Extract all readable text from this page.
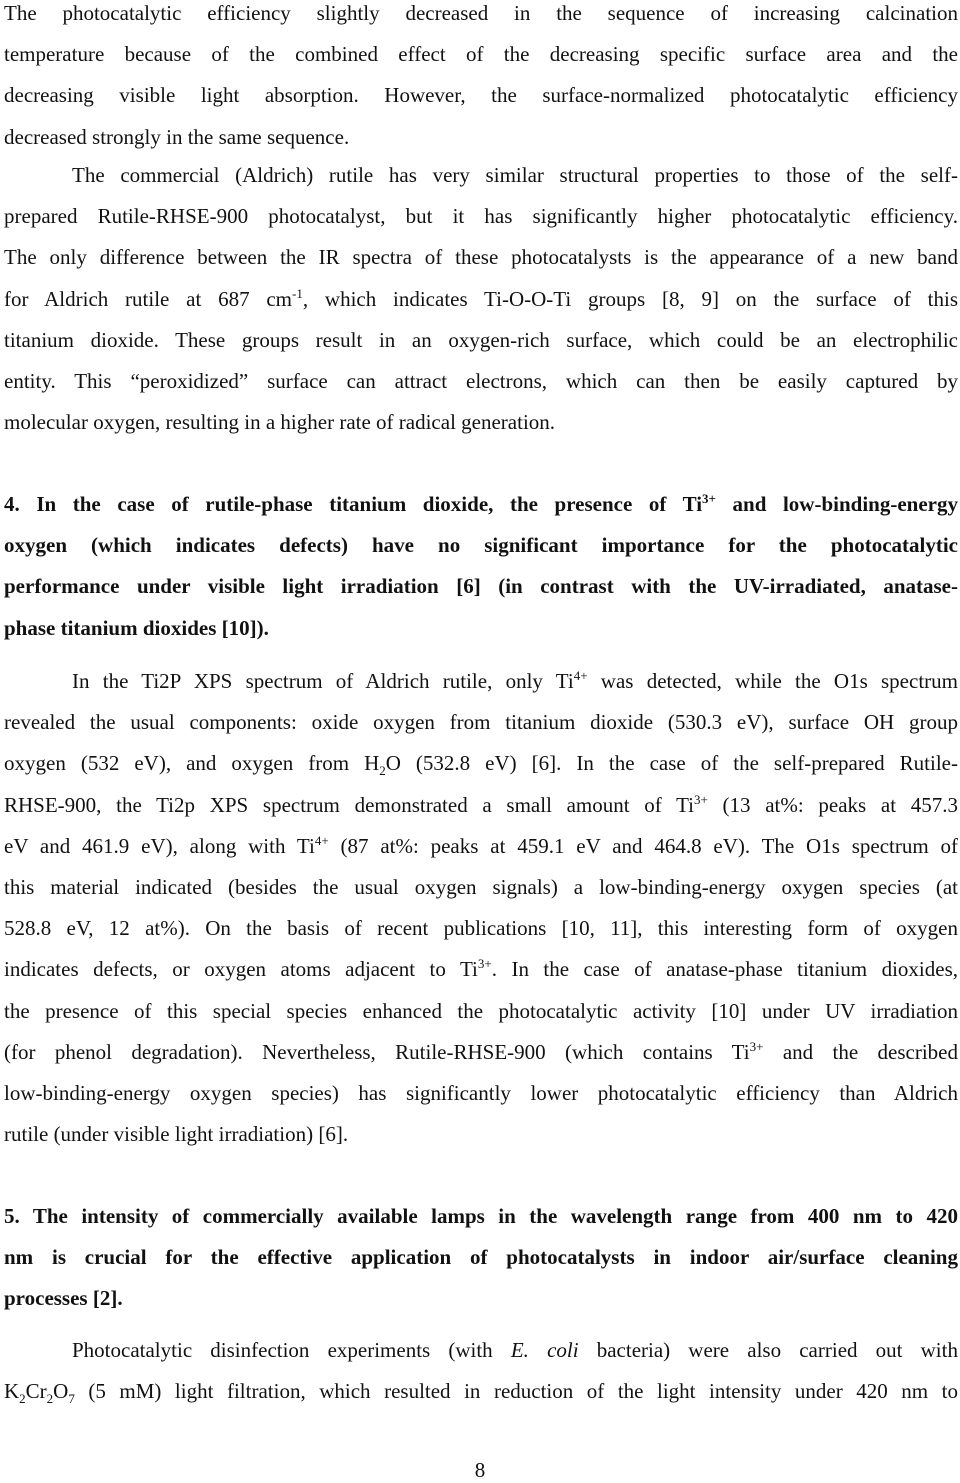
The photocatalytic efficiency slightly decreased in the sequence of increasing calcination
temperature because of the combined effect of the decreasing specific surface area and the
decreasing visible light absorption. However, the surface-normalized photocatalytic efficiency
decreased strongly in the same sequence.
The commercial (Aldrich) rutile has very similar structural properties to those of the self-
prepared Rutile-RHSE-900 photocatalyst, but it has significantly higher photocatalytic efficiency.
The only difference between the IR spectra of these photocatalysts is the appearance of a new band
for Aldrich rutile at 687 $cm^{-1}$, which indicates Ti-O-O-Ti groups [8, 9] on the surface of this
titanium dioxide. These groups result in an oxygen-rich surface, which could be an electrophilic
entity. This “peroxidized” surface can attract electrons, which can then be easily captured by
molecular oxygen, resulting in a higher rate of radical generation.
4. In the case of rutile-phase titanium dioxide, the presence of $Ti^{3+}$ and low-binding-energy
oxygen (which indicates defects) have no significant importance for the photocatalytic
performance under visible light irradiation [6] (in contrast with the UV-irradiated, anatase-
phase titanium dioxides [10]).
In the Ti2P XPS spectrum of Aldrich rutile, only $Ti^{4+}$ was detected, while the O1s spectrum
revealed the usual components: oxide oxygen from titanium dioxide (530.3 eV), surface OH group
oxygen (532 eV), and oxygen from $H_2O$ (532.8 eV) [6]. In the case of the self-prepared Rutile-
RHSE-900, the Ti2p XPS spectrum demonstrated a small amount of $Ti^{3+}$ (13 at%: peaks at 457.3
eV and 461.9 eV), along with $Ti^{4+}$ (87 at%: peaks at 459.1 eV and 464.8 eV). The O1s spectrum of
this material indicated (besides the usual oxygen signals) a low-binding-energy oxygen species (at
528.8 eV, 12 at%). On the basis of recent publications [10, 11], this interesting form of oxygen
indicates defects, or oxygen atoms adjacent to $Ti^{3+}$. In the case of anatase-phase titanium dioxides,
the presence of this special species enhanced the photocatalytic activity [10] under UV irradiation
(for phenol degradation). Nevertheless, Rutile-RHSE-900 (which contains $Ti^{3+}$ and the described
low-binding-energy oxygen species) has significantly lower photocatalytic efficiency than Aldrich
rutile (under visible light irradiation) [6].
5. The intensity of commercially available lamps in the wavelength range from 400 nm to 420
nm is crucial for the effective application of photocatalysts in indoor air/surface cleaning
processes [2].
Photocatalytic disinfection experiments (with E. coli bacteria) were also carried out with
$K_2Cr_2O_7$ (5 mM) light filtration, which resulted in reduction of the light intensity under 420 nm to
8
